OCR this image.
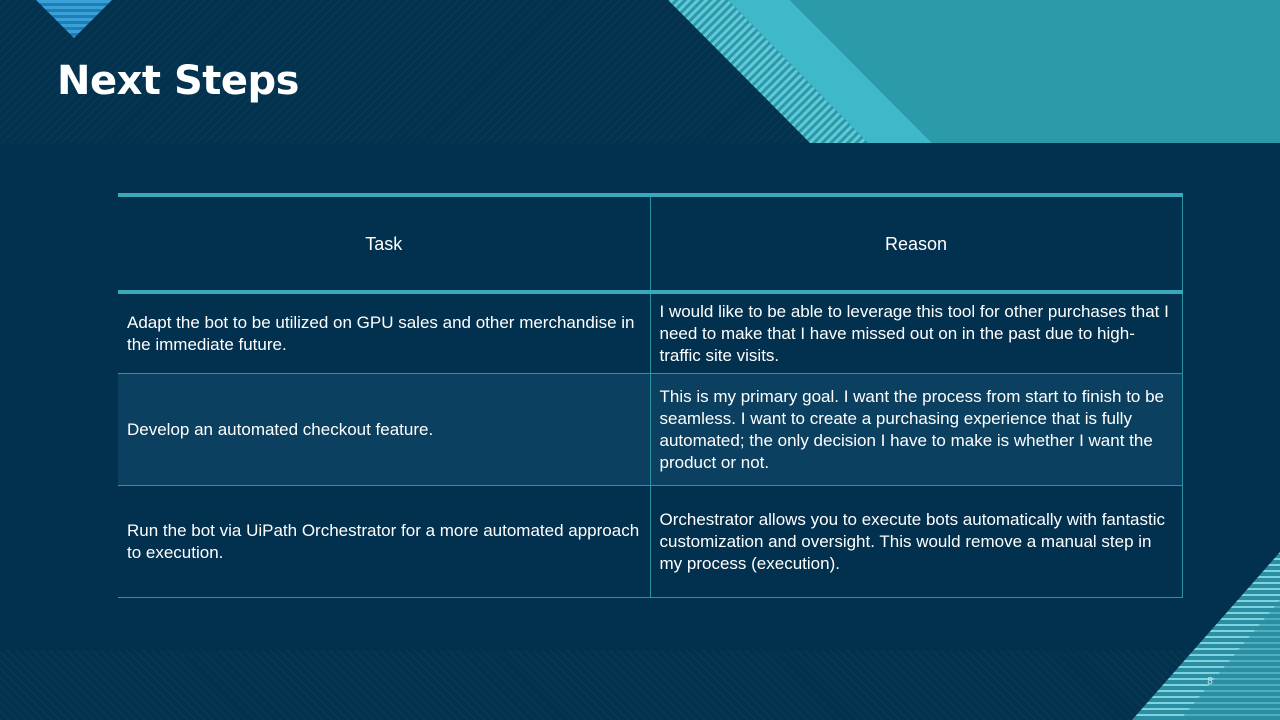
Next Steps
Task	Reason
Adapt the bot to be utilized on GPU sales and other merchandise in the immediate future.	I would like to be able to leverage this tool for other purchases that I need to make that I have missed out on in the past due to high-traffic site visits.
Develop an automated checkout feature.	This is my primary goal. I want the process from start to finish to be seamless. I want to create a purchasing experience that is fully automated; the only decision I have to make is whether I want the product or not.
Run the bot via UiPath Orchestrator for a more automated approach to execution.	Orchestrator allows you to execute bots automatically with fantastic customization and oversight. This would remove a manual step in my process (execution).
8
